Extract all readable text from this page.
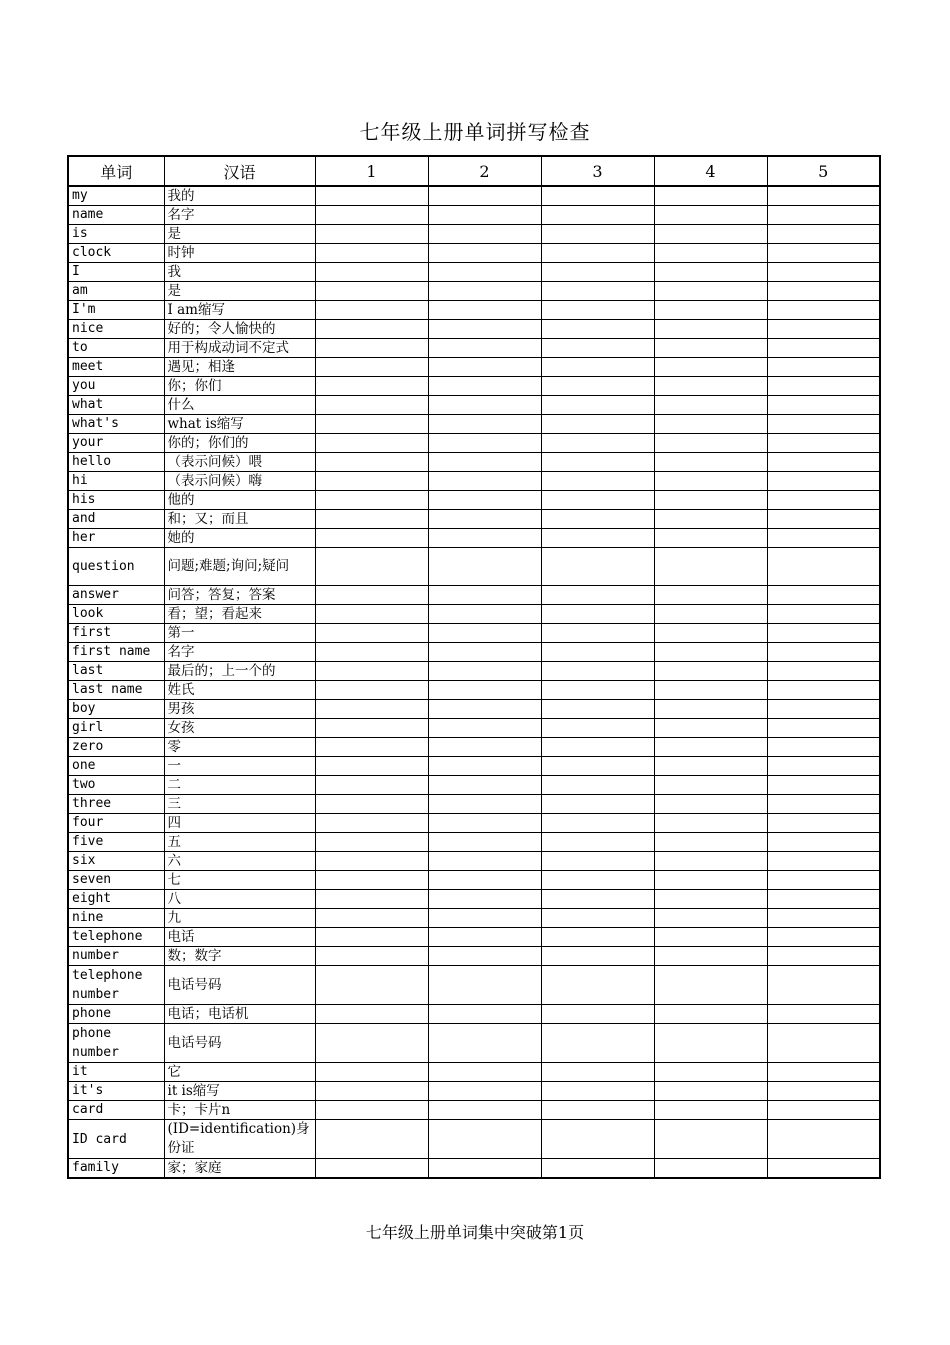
七年级上册单词拼写检查
单词	汉语	1	2	3	4	5
my	我的					
name	名字					
is	是					
clock	时钟					
I	我					
am	是					
I'm	I am缩写					
nice	好的；令人愉快的					
to	用于构成动词不定式					
meet	遇见；相逢					
you	你；你们					
what	什么					
what's	what is缩写					
your	你的；你们的					
hello	（表示问候）喂					
hi	（表示问候）嗨					
his	他的					
and	和；又；而且					
her	她的					
question	问题;难题;询问;疑问					
answer	问答；答复；答案					
look	看；望；看起来					
first	第一					
first name	名字					
last	最后的；上一个的					
last name	姓氏					
boy	男孩					
girl	女孩					
zero	零					
one	一					
two	二					
three	三					
four	四					
five	五					
six	六					
seven	七					
eight	八					
nine	九					
telephone	电话					
number	数；数字					
telephone number	电话号码					
phone	电话；电话机					
phone number	电话号码					
it	它					
it's	it is缩写					
card	卡；卡片n					
ID card	(ID=identification)身份证					
family	家；家庭					
七年级上册单词集中突破第1页
